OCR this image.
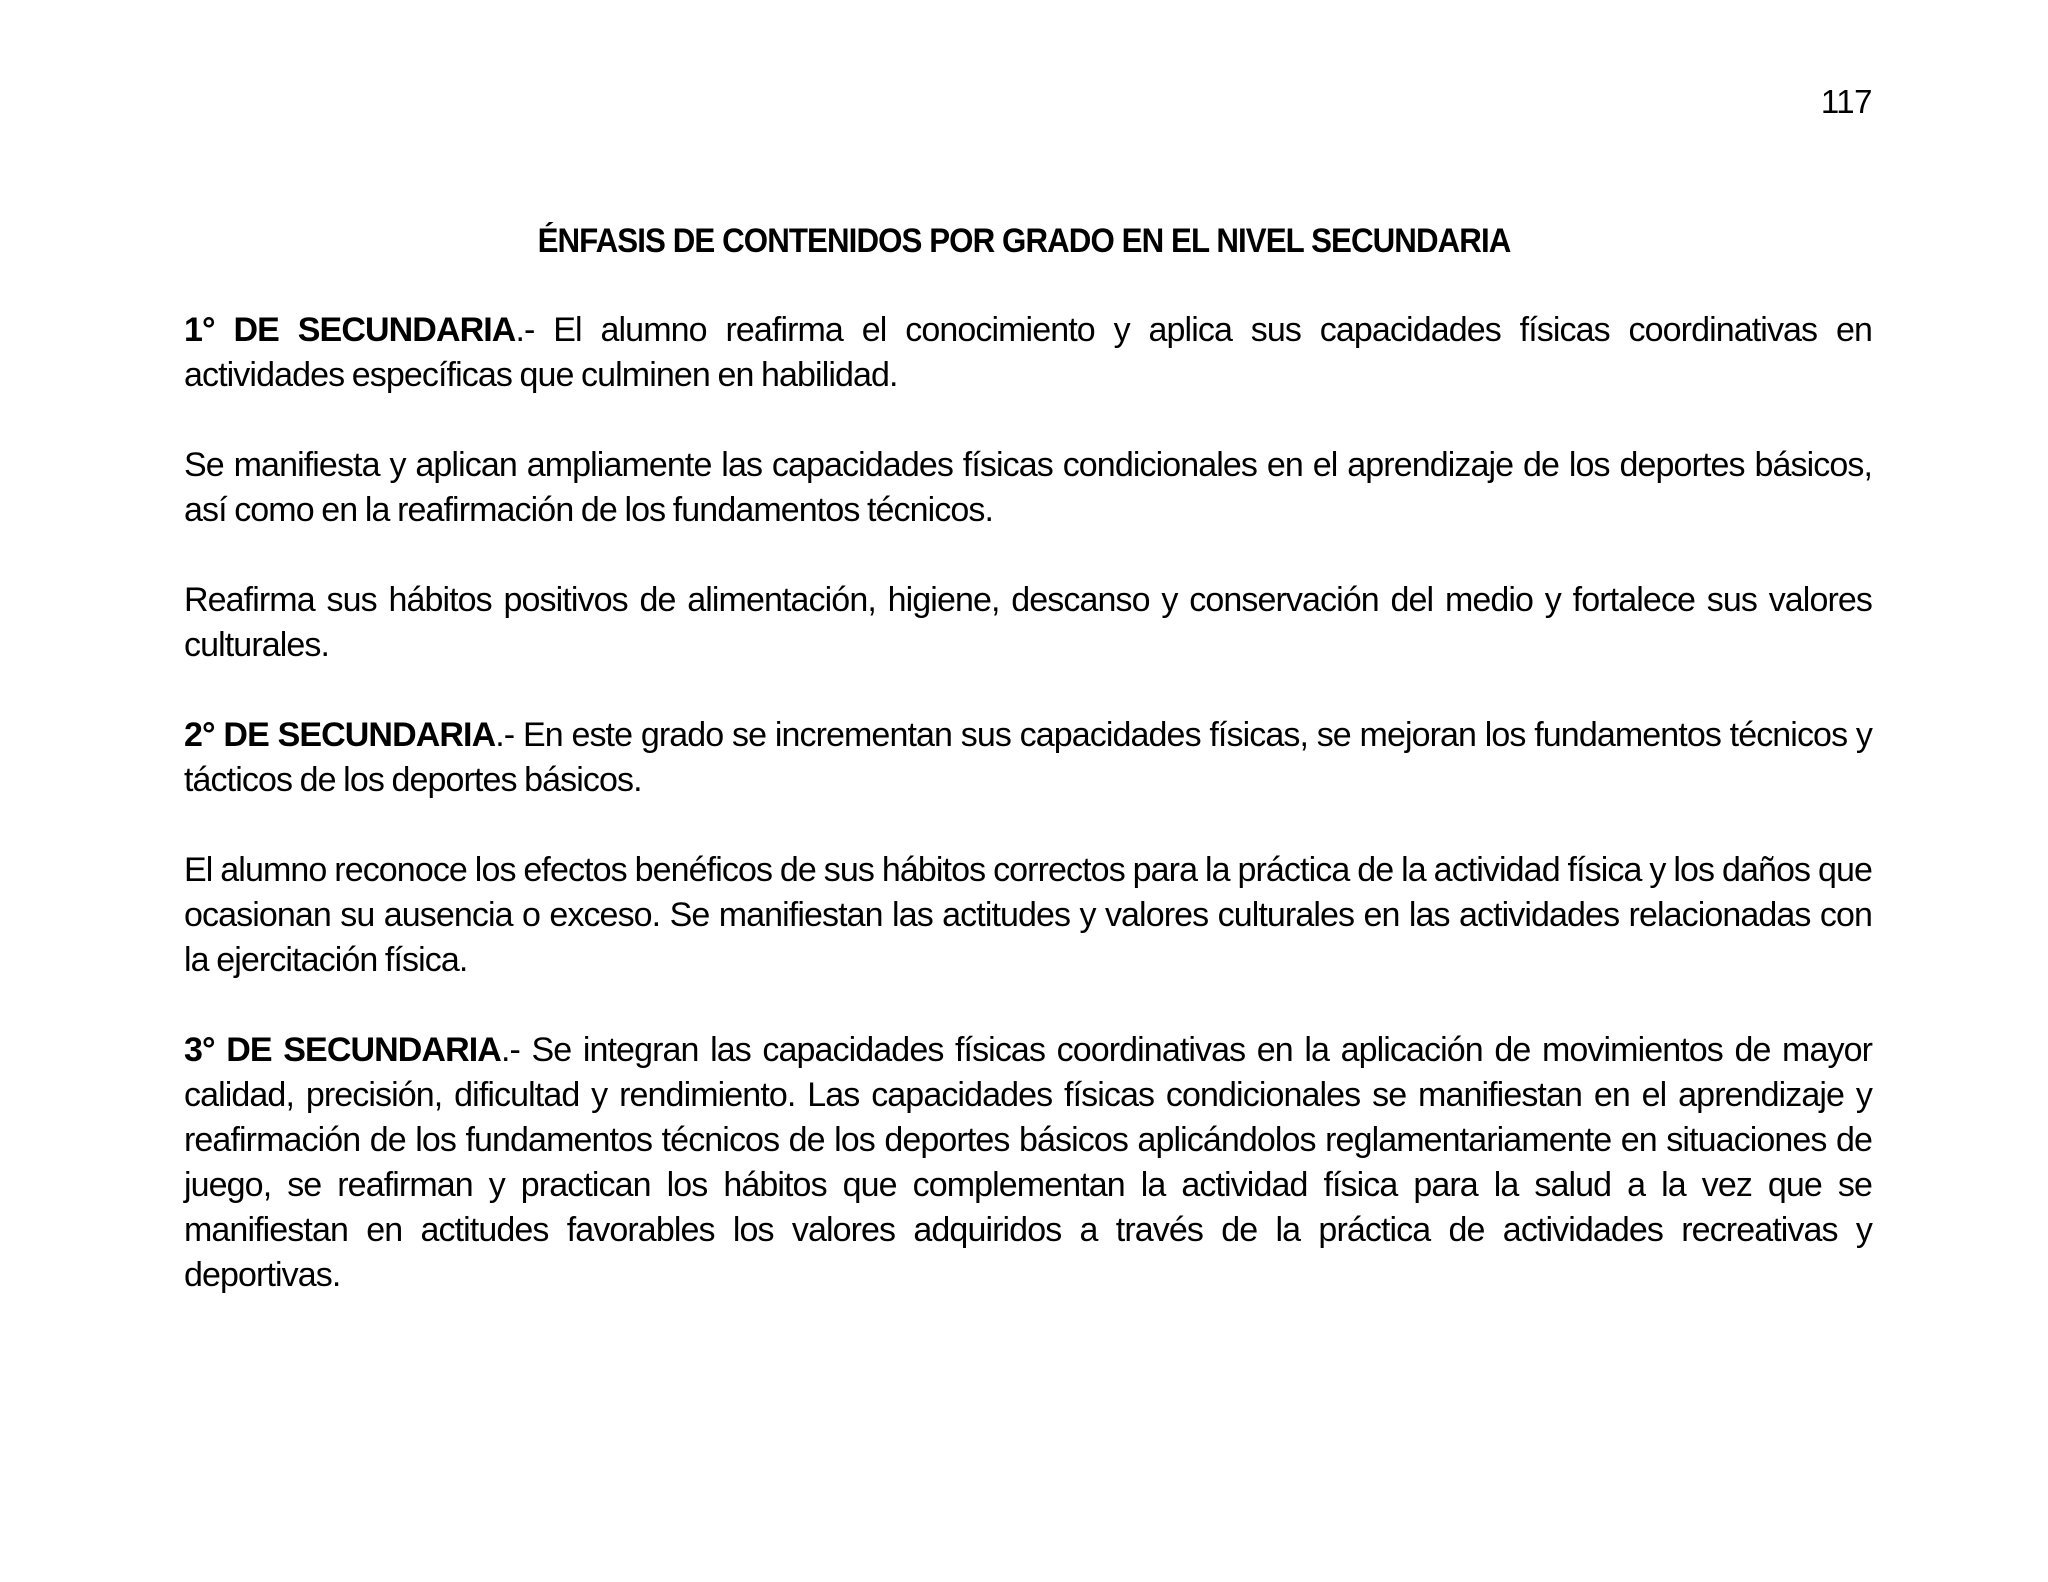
117
ÉNFASIS DE CONTENIDOS POR GRADO EN EL NIVEL SECUNDARIA

1° DE SECUNDARIA.- El alumno reafirma el conocimiento y aplica sus capacidades físicas coordinativas en actividades específicas que culminen en habilidad.

Se manifiesta y aplican ampliamente las capacidades físicas condicionales en el aprendizaje de los deportes básicos, así como en la reafirmación de los fundamentos técnicos.

Reafirma sus hábitos positivos de alimentación, higiene, descanso y conservación del medio y fortalece sus valores culturales.

2° DE SECUNDARIA.- En este grado se incrementan sus capacidades físicas, se mejoran los fundamentos técnicos y tácticos de los deportes básicos.

El alumno reconoce los efectos benéficos de sus hábitos correctos para la práctica de la actividad física y los daños que ocasionan su ausencia o exceso. Se manifiestan las actitudes y valores culturales en las actividades relacionadas con la ejercitación física.

3° DE SECUNDARIA.- Se integran las capacidades físicas coordinativas en la aplicación de movimientos de mayor calidad, precisión, dificultad y rendimiento. Las capacidades físicas condicionales se manifiestan en el aprendizaje y reafirmación de los fundamentos técnicos de los deportes básicos aplicándolos reglamentariamente en situaciones de juego, se reafirman y practican los hábitos que complementan la actividad física para la salud a la vez que se manifiestan en actitudes favorables los valores adquiridos a través de la práctica de actividades recreativas y deportivas.
